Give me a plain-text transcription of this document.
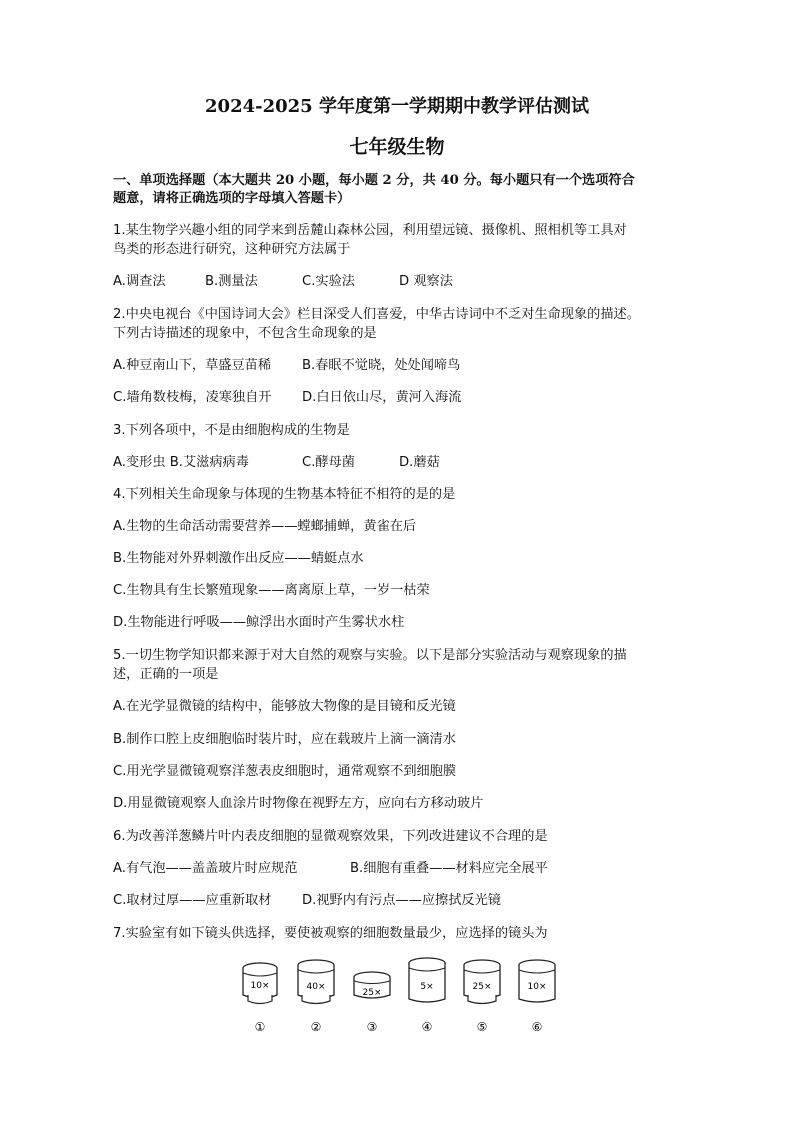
2024-2025 学年度第一学期期中教学评估测试
七年级生物
一、单项选择题（本大题共 20 小题，每小题 2 分，共 40 分。每小题只有一个选项符合
题意，请将正确选项的字母填入答题卡）
1.某生物学兴趣小组的同学来到岳麓山森林公园，利用望远镜、摄像机、照相机等工具对
鸟类的形态进行研究，这种研究方法属于
A.调查法	B.测量法	C.实验法	D 观察法
2.中央电视台《中国诗词大会》栏目深受人们喜爱，中华古诗词中不乏对生命现象的描述。
下列古诗描述的现象中，不包含生命现象的是
A.种豆南山下，草盛豆苗稀 B.春眠不觉晓，处处闻啼鸟
C.墙角数枝梅，凌寒独自开 D.白日依山尽，黄河入海流
3.下列各项中，不是由细胞构成的生物是
A.变形虫 B.艾滋病病毒	C.酵母菌	D.蘑菇
4.下列相关生命现象与体现的生物基本特征不相符的是的是
A.生物的生命活动需要营养——螳螂捕蝉，黄雀在后
B.生物能对外界刺激作出反应——蜻蜓点水
C.生物具有生长繁殖现象——离离原上草，一岁一枯荣
D.生物能进行呼吸——鲸浮出水面时产生雾状水柱
5.一切生物学知识都来源于对大自然的观察与实验。以下是部分实验活动与观察现象的描
述，正确的一项是
A.在光学显微镜的结构中，能够放大物像的是目镜和反光镜
B.制作口腔上皮细胞临时装片时，应在载玻片上滴一滴清水
C.用光学显微镜观察洋葱表皮细胞时，通常观察不到细胞膜
D.用显微镜观察人血涂片时物像在视野左方，应向右方移动玻片
6.为改善洋葱鳞片叶内表皮细胞的显微观察效果，下列改进建议不合理的是
A.有气泡——盖盖玻片时应规范	B.细胞有重叠——材料应完全展平
C.取材过厚——应重新取材 D.视野内有污点——应擦拭反光镜
7.实验室有如下镜头供选择，要使被观察的细胞数量最少，应选择的镜头为
10×	40×
25×
5×	25×	10×
①	②	③	④	⑤	⑥
